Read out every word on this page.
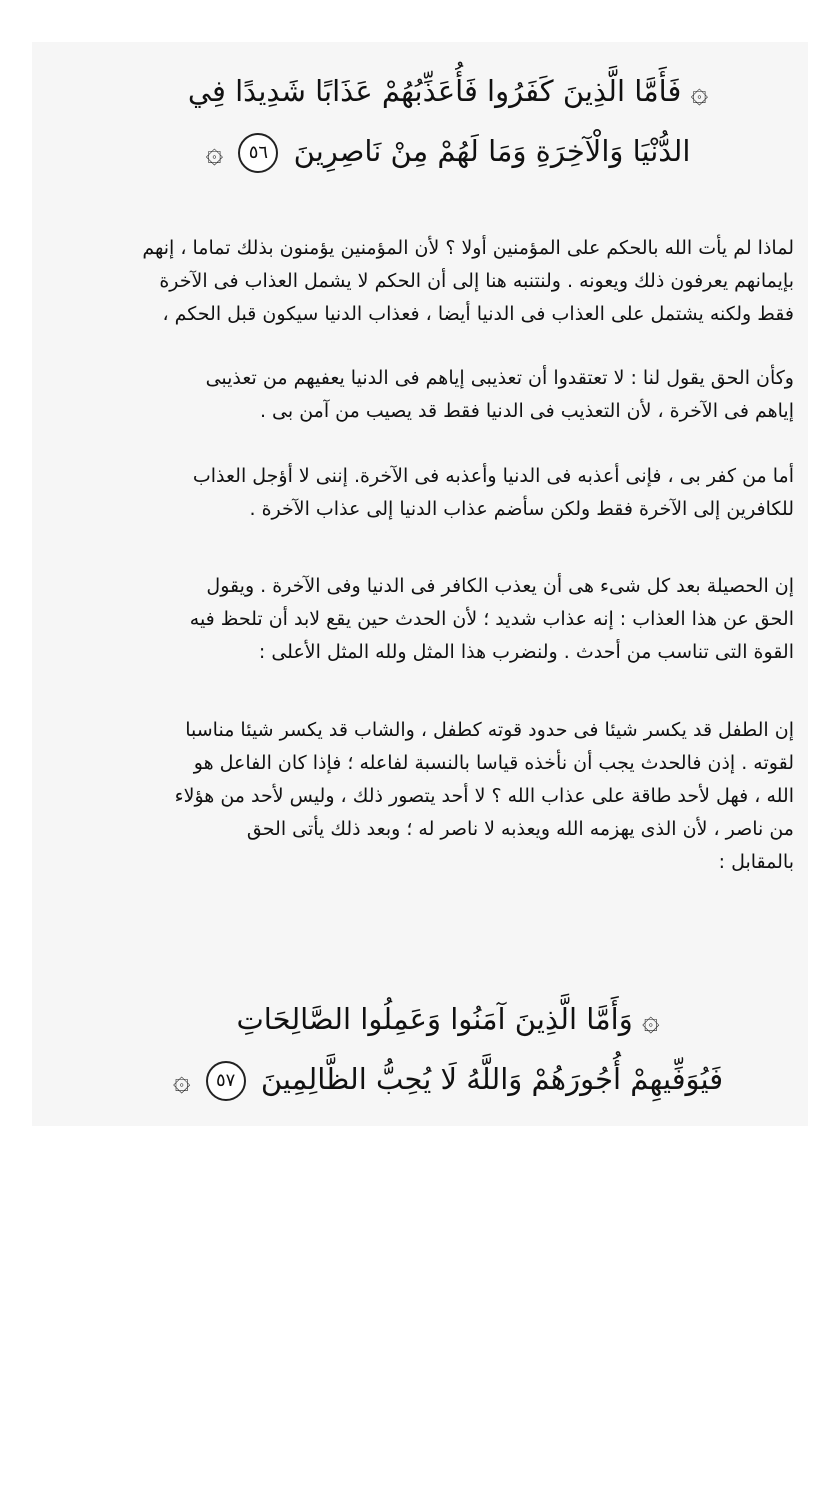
۞ فَأَمَّا الَّذِينَ كَفَرُوا فَأُعَذِّبُهُمْ عَذَابًا شَدِيدًا فِي
الدُّنْيَا وَالْآخِرَةِ وَمَا لَهُمْ مِنْ نَاصِرِينَ ٥٦ ۞

لماذا لم يأت الله بالحكم على المؤمنين أولا ؟ لأن المؤمنين يؤمنون بذلك تماما ، إنهم
بإيمانهم يعرفون ذلك ويعونه . ولنتنبه هنا إلى أن الحكم لا يشمل العذاب فى الآخرة
فقط ولكنه يشتمل على العذاب فى الدنيا أيضا ، فعذاب الدنيا سيكون قبل الحكم ،

وكأن الحق يقول لنا : لا تعتقدوا أن تعذيبى إياهم فى الدنيا يعفيهم من تعذيبى
إياهم فى الآخرة ، لأن التعذيب فى الدنيا فقط قد يصيب من آمن بى .

أما من كفر بى ، فإنى أعذبه فى الدنيا وأعذبه فى الآخرة. إننى لا أؤجل العذاب
للكافرين إلى الآخرة فقط ولكن سأضم عذاب الدنيا إلى عذاب الآخرة .

إن الحصيلة بعد كل شىء هى أن يعذب الكافر فى الدنيا وفى الآخرة . ويقول
الحق عن هذا العذاب : إنه عذاب شديد ؛ لأن الحدث حين يقع لابد أن تلحظ فيه
القوة التى تناسب من أحدث . ولنضرب هذا المثل ولله المثل الأعلى :

إن الطفل قد يكسر شيئا فى حدود قوته كطفل ، والشاب قد يكسر شيئا مناسبا
لقوته . إذن فالحدث يجب أن نأخذه قياسا بالنسبة لفاعله ؛ فإذا كان الفاعل هو
الله ، فهل لأحد طاقة على عذاب الله ؟ لا أحد يتصور ذلك ، وليس لأحد من هؤلاء
من ناصر ، لأن الذى يهزمه الله ويعذبه لا ناصر له ؛ وبعد ذلك يأتى الحق
بالمقابل :

۞ وَأَمَّا الَّذِينَ آمَنُوا وَعَمِلُوا الصَّالِحَاتِ
فَيُوَفِّيهِمْ أُجُورَهُمْ وَاللَّهُ لَا يُحِبُّ الظَّالِمِينَ ٥٧ ۞
